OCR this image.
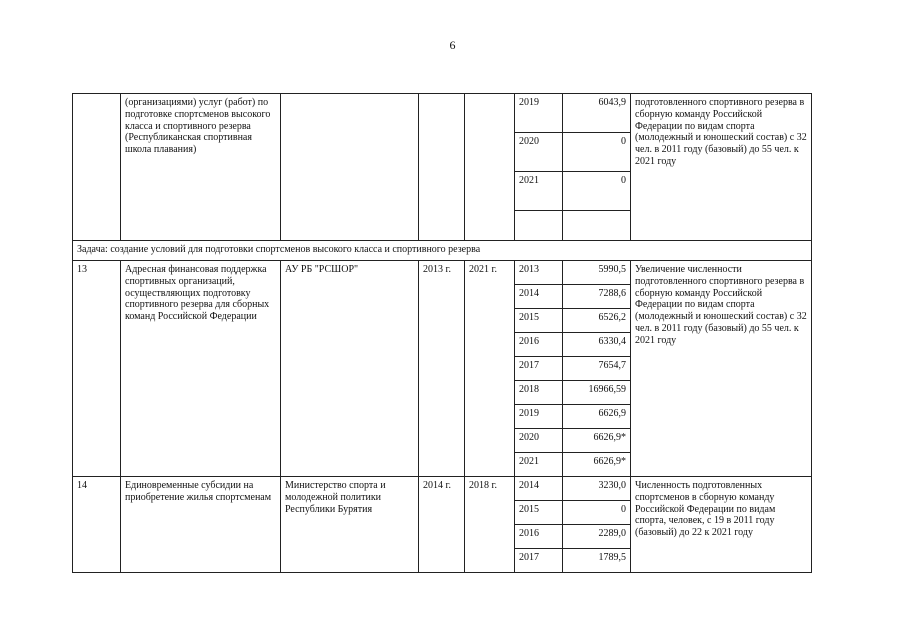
6
	(организациями) услуг (работ) по подготовке спортсменов высокого класса и спортивного резерва (Республиканская спортивная школа плавания)				2019	6043,9	подготовленного спортивного резерва в сборную команду Российской Федерации по видам спорта (молодежный и юношеский состав) с 32 чел. в 2011 году (базовый) до 55 чел. к 2021 году
					2020	0	
					2021	0	

Задача: создание условий для подготовки спортсменов высокого класса и спортивного резерва							
13	Адресная финансовая поддержка спортивных организаций, осуществляющих подготовку спортивного резерва для сборных команд Российской Федерации	АУ РБ "РСШОР"	2013 г.	2021 г.	2013	5990,5	Увеличение численности подготовленного спортивного резерва в сборную команду Российской Федерации по видам спорта (молодежный и юношеский состав) с 32 чел. в 2011 году (базовый) до 55 чел. к 2021 году
					2014	7288,6	
					2015	6526,2	
					2016	6330,4	
					2017	7654,7	
					2018	16966,59	
					2019	6626,9	
					2020	6626,9*	
					2021	6626,9*	
14	Единовременные субсидии на приобретение жилья спортсменам	Министерство спорта и молодежной политики Республики Бурятия	2014 г.	2018 г.	2014	3230,0	Численность подготовленных спортсменов в сборную команду Российской Федерации по видам спорта, человек, с 19 в 2011 году (базовый) до 22 к 2021 году
					2015	0	
					2016	2289,0	
					2017	1789,5	
